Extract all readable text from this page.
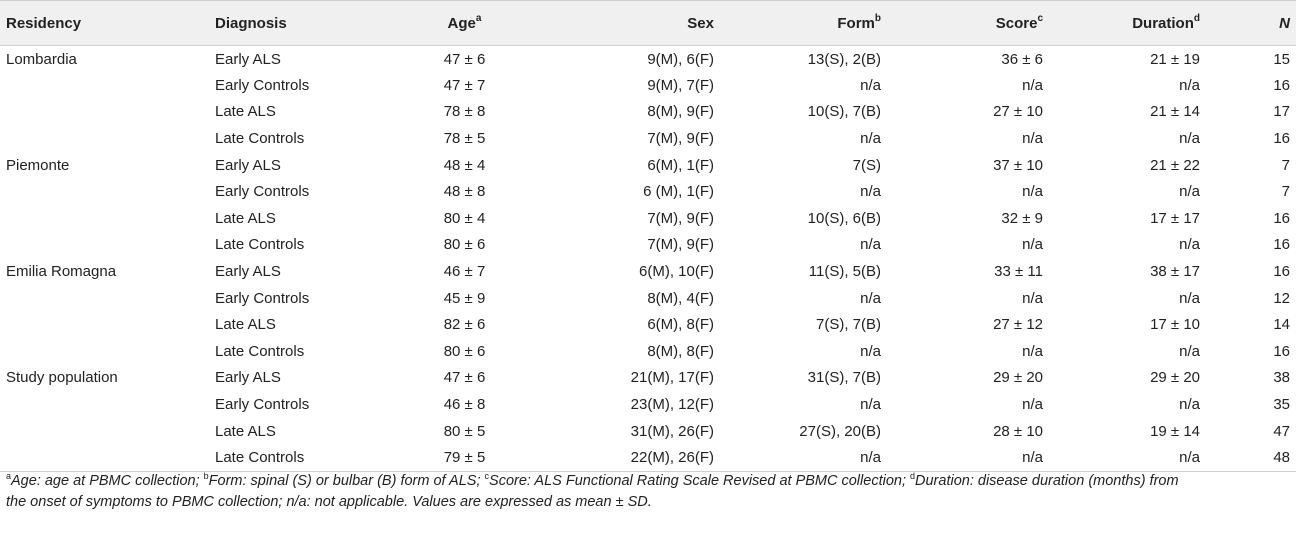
Residency	Diagnosis	Age$^a$	Sex	Form$^b$	Score$^c$	Duration$^d$	N
Lombardia	Early ALS	47 ± 6	9(M), 6(F)	13(S), 2(B)	36 ± 6	21 ± 19	15
	Early Controls	47 ± 7	9(M), 7(F)	n/a	n/a	n/a	16
	Late ALS	78 ± 8	8(M), 9(F)	10(S), 7(B)	27 ± 10	21 ± 14	17
	Late Controls	78 ± 5	7(M), 9(F)	n/a	n/a	n/a	16
Piemonte	Early ALS	48 ± 4	6(M), 1(F)	7(S)	37 ± 10	21 ± 22	7
	Early Controls	48 ± 8	6 (M), 1(F)	n/a	n/a	n/a	7
	Late ALS	80 ± 4	7(M), 9(F)	10(S), 6(B)	32 ± 9	17 ± 17	16
	Late Controls	80 ± 6	7(M), 9(F)	n/a	n/a	n/a	16
Emilia Romagna	Early ALS	46 ± 7	6(M), 10(F)	11(S), 5(B)	33 ± 11	38 ± 17	16
	Early Controls	45 ± 9	8(M), 4(F)	n/a	n/a	n/a	12
	Late ALS	82 ± 6	6(M), 8(F)	7(S), 7(B)	27 ± 12	17 ± 10	14
	Late Controls	80 ± 6	8(M), 8(F)	n/a	n/a	n/a	16
Study population	Early ALS	47 ± 6	21(M), 17(F)	31(S), 7(B)	29 ± 20	29 ± 20	38
	Early Controls	46 ± 8	23(M), 12(F)	n/a	n/a	n/a	35
	Late ALS	80 ± 5	31(M), 26(F)	27(S), 20(B)	28 ± 10	19 ± 14	47
	Late Controls	79 ± 5	22(M), 26(F)	n/a	n/a	n/a	48
$^a$Age: age at PBMC collection; $^b$Form: spinal (S) or bulbar (B) form of ALS; $^c$Score: ALS Functional Rating Scale Revised at PBMC collection; $^d$Duration: disease duration (months) from the onset of symptoms to PBMC collection; n/a: not applicable. Values are expressed as mean ± SD.
